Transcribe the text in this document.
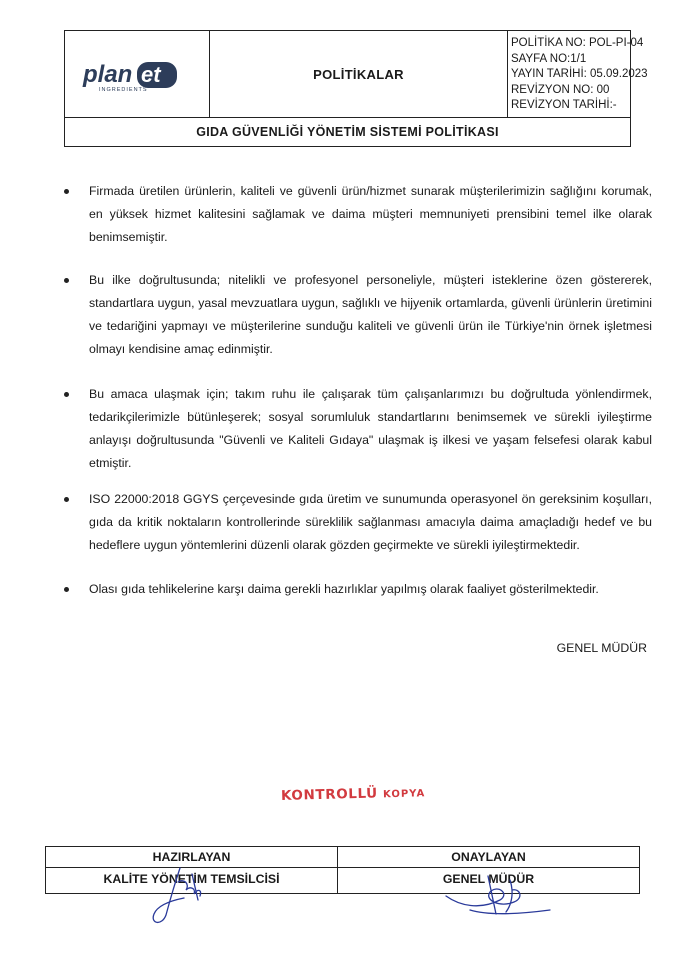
plan et
INGREDIENTS
POLİTİKALAR
POLİTİKA NO: POL-PI-04
SAYFA NO:1/1
YAYIN TARİHİ: 05.09.2023
REVİZYON NO: 00
REVİZYON TARİHİ:-
GIDA GÜVENLİĞİ YÖNETİM SİSTEMİ POLİTİKASI
Firmada üretilen ürünlerin, kaliteli ve güvenli ürün/hizmet sunarak müşterilerimizin sağlığını korumak, en yüksek hizmet kalitesini sağlamak ve daima müşteri memnuniyeti prensibini temel ilke olarak benimsemiştir.
Bu ilke doğrultusunda; nitelikli ve profesyonel personeliyle, müşteri isteklerine özen göstererek, standartlara uygun, yasal mevzuatlara uygun, sağlıklı ve hijyenik ortamlarda, güvenli ürünlerin üretimini ve tedariğini yapmayı ve müşterilerine sunduğu kaliteli ve güvenli ürün ile Türkiye'nin örnek işletmesi olmayı kendisine amaç edinmiştir.
Bu amaca ulaşmak için; takım ruhu ile çalışarak tüm çalışanlarımızı bu doğrultuda yönlendirmek, tedarikçilerimizle bütünleşerek; sosyal sorumluluk standartlarını benimsemek ve sürekli iyileştirme anlayışı doğrultusunda "Güvenli ve Kaliteli Gıdaya" ulaşmak iş ilkesi ve yaşam felsefesi olarak kabul etmiştir.
ISO 22000:2018 GGYS çerçevesinde gıda üretim ve sunumunda operasyonel ön gereksinim koşulları, gıda da kritik noktaların kontrollerinde süreklilik sağlanması amacıyla daima amaçladığı hedef ve bu hedeflere uygun yöntemlerini düzenli olarak gözden geçirmekte ve sürekli iyileştirmektedir.
Olası gıda tehlikelerine karşı daima gerekli hazırlıklar yapılmış olarak faaliyet gösterilmektedir.
GENEL MÜDÜR
KONTROLLÜ KOPYA
HAZIRLAYAN
KALİTE YÖNETİM TEMSİLCİSİ
ONAYLAYAN
GENEL MÜDÜR
